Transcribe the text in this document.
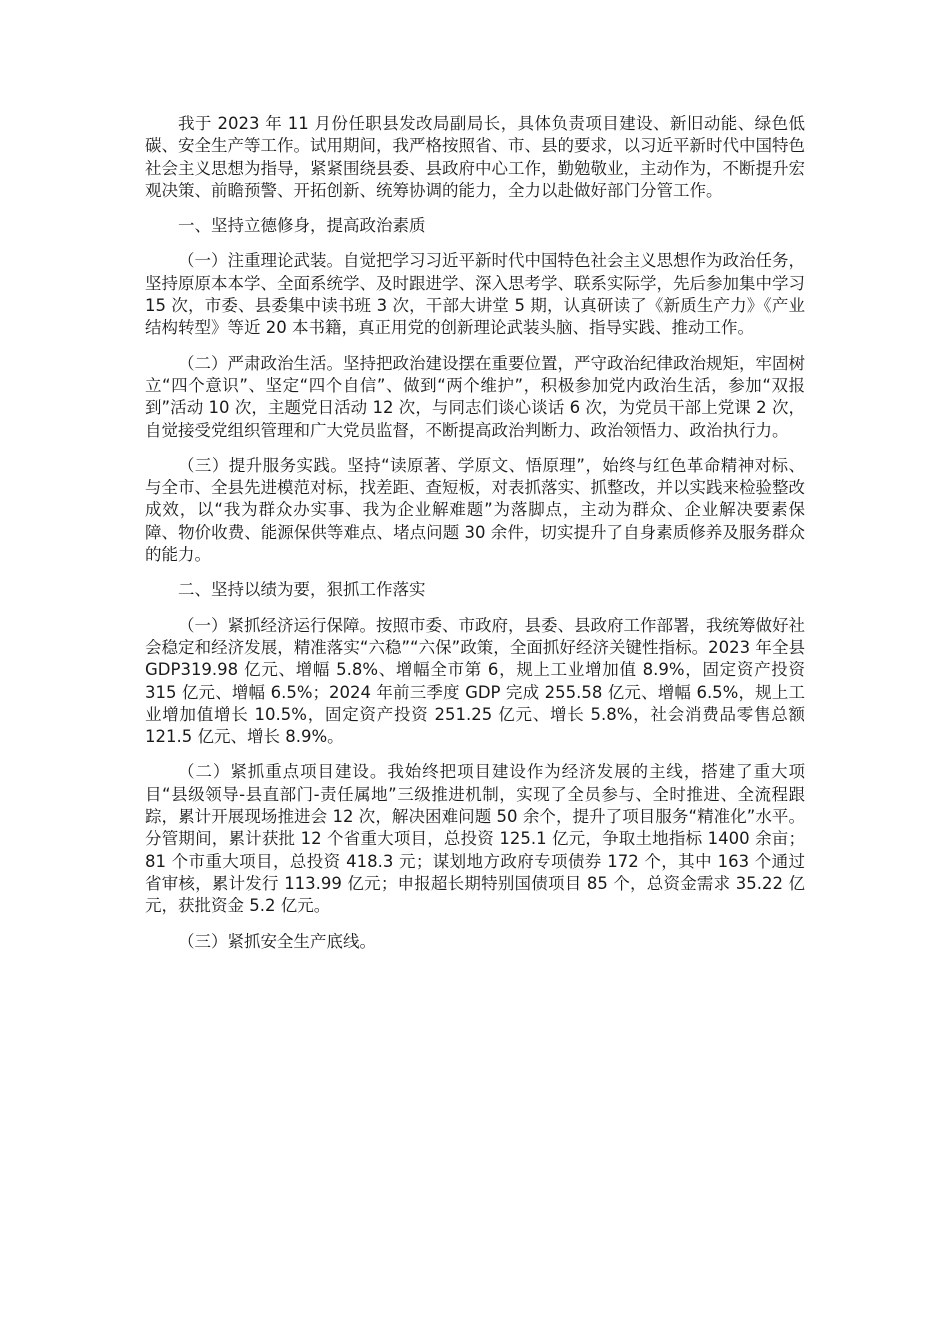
我于 2023 年 11 月份任职县发改局副局长，具体负责项目建设、新旧动能、绿色低碳、安全生产等工作。试用期间，我严格按照省、市、县的要求，以习近平新时代中国特色社会主义思想为指导，紧紧围绕县委、县政府中心工作，勤勉敬业，主动作为，不断提升宏观决策、前瞻预警、开拓创新、统筹协调的能力，全力以赴做好部门分管工作。

一、坚持立德修身，提高政治素质

（一）注重理论武装。自觉把学习习近平新时代中国特色社会主义思想作为政治任务，坚持原原本本学、全面系统学、及时跟进学、深入思考学、联系实际学，先后参加集中学习 15 次，市委、县委集中读书班 3 次，干部大讲堂 5 期，认真研读了《新质生产力》《产业结构转型》等近 20 本书籍，真正用党的创新理论武装头脑、指导实践、推动工作。

（二）严肃政治生活。坚持把政治建设摆在重要位置，严守政治纪律政治规矩，牢固树立“四个意识”、坚定“四个自信”、做到“两个维护”，积极参加党内政治生活，参加“双报到”活动 10 次，主题党日活动 12 次，与同志们谈心谈话 6 次，为党员干部上党课 2 次，自觉接受党组织管理和广大党员监督，不断提高政治判断力、政治领悟力、政治执行力。

（三）提升服务实践。坚持“读原著、学原文、悟原理”，始终与红色革命精神对标、与全市、全县先进模范对标，找差距、查短板，对表抓落实、抓整改，并以实践来检验整改成效，以“我为群众办实事、我为企业解难题”为落脚点，主动为群众、企业解决要素保障、物价收费、能源保供等难点、堵点问题 30 余件，切实提升了自身素质修养及服务群众的能力。

二、坚持以绩为要，狠抓工作落实

（一）紧抓经济运行保障。按照市委、市政府，县委、县政府工作部署，我统筹做好社会稳定和经济发展，精准落实“六稳”“六保”政策，全面抓好经济关键性指标。2023 年全县 GDP319.98 亿元、增幅 5.8%、增幅全市第 6，规上工业增加值 8.9%，固定资产投资 315 亿元、增幅 6.5%；2024 年前三季度 GDP 完成 255.58 亿元、增幅 6.5%，规上工业增加值增长 10.5%，固定资产投资 251.25 亿元、增长 5.8%，社会消费品零售总额 121.5 亿元、增长 8.9%。

（二）紧抓重点项目建设。我始终把项目建设作为经济发展的主线，搭建了重大项目“县级领导-县直部门-责任属地”三级推进机制，实现了全员参与、全时推进、全流程跟踪，累计开展现场推进会 12 次，解决困难问题 50 余个，提升了项目服务“精准化”水平。分管期间，累计获批 12 个省重大项目，总投资 125.1 亿元，争取土地指标 1400 余亩；81 个市重大项目，总投资 418.3 元；谋划地方政府专项债券 172 个，其中 163 个通过省审核，累计发行 113.99 亿元；申报超长期特别国债项目 85 个，总资金需求 35.22 亿元，获批资金 5.2 亿元。

（三）紧抓安全生产底线。
